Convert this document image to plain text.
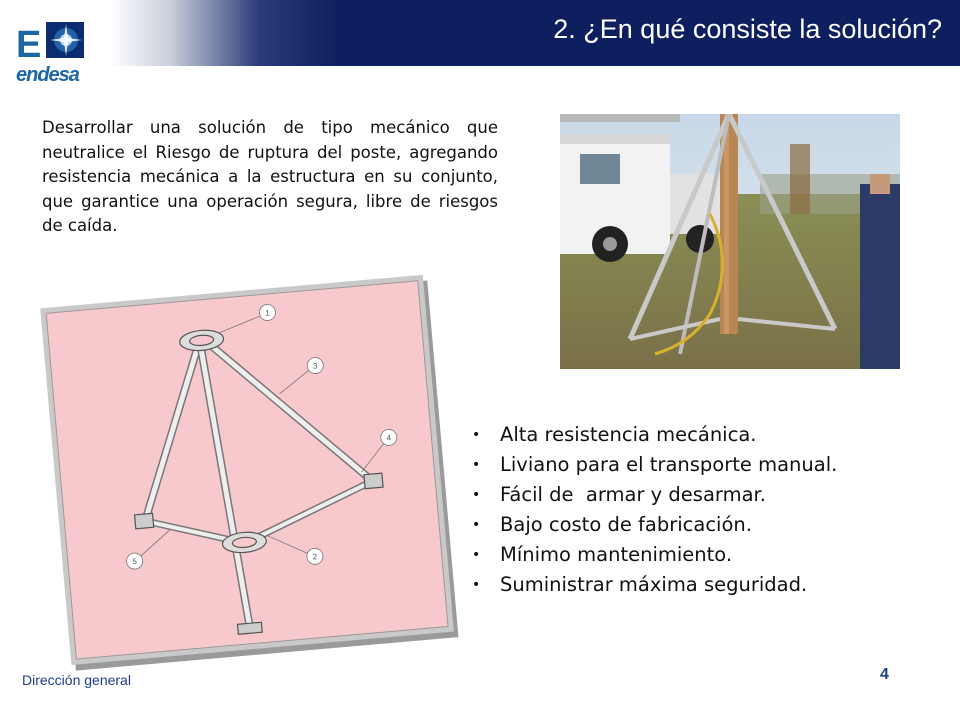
2. ¿En qué consiste la solución?
E
endesa

Desarrollar una solución de tipo mecánico que neutralice el Riesgo de ruptura del poste, agregando resistencia mecánica a la estructura en su conjunto, que garantice una operación segura, libre de riesgos de caída.

1
2
3
4
5
• Alta resistencia mecánica.
• Liviano para el transporte manual.
• Fácil de  armar y desarmar.
• Bajo costo de fabricación.
• Mínimo mantenimiento.
• Suministrar máxima seguridad.
Dirección general	4
